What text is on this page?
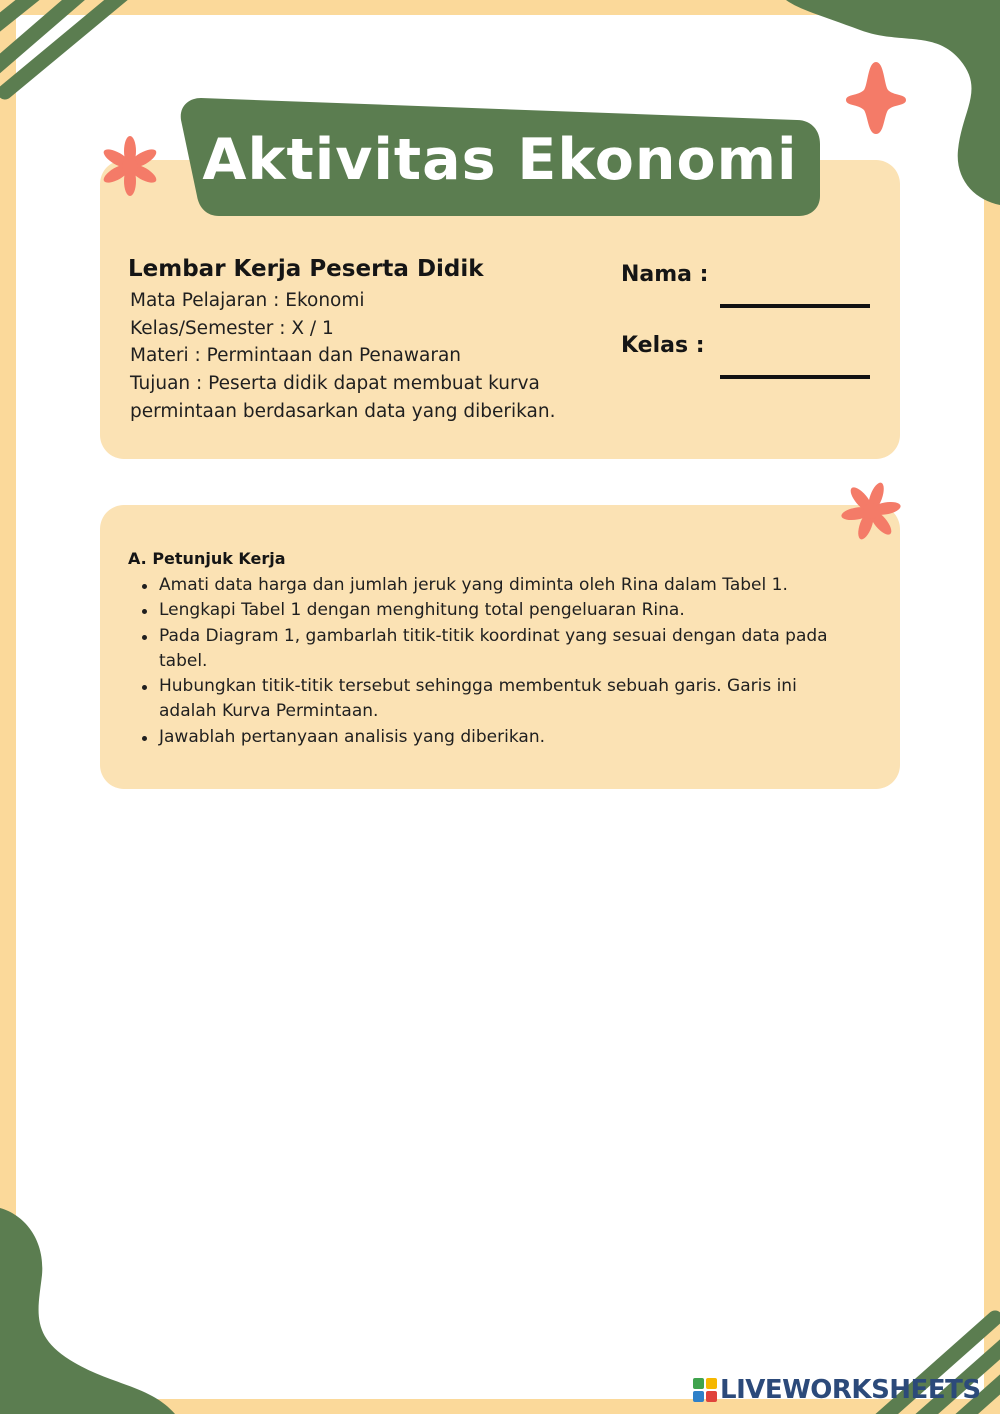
Aktivitas Ekonomi
Lembar Kerja Peserta Didik
Mata Pelajaran : Ekonomi
Kelas/Semester : X / 1
Materi : Permintaan dan Penawaran
Tujuan : Peserta didik dapat membuat kurva
permintaan berdasarkan data yang diberikan.
Nama :
Kelas :
A. Petunjuk Kerja
Amati data harga dan jumlah jeruk yang diminta oleh Rina dalam Tabel 1.
Lengkapi Tabel 1 dengan menghitung total pengeluaran Rina.
Pada Diagram 1, gambarlah titik-titik koordinat yang sesuai dengan data pada tabel.
Hubungkan titik-titik tersebut sehingga membentuk sebuah garis. Garis ini adalah Kurva Permintaan.
Jawablah pertanyaan analisis yang diberikan.
LIVEWORKSHEETS
